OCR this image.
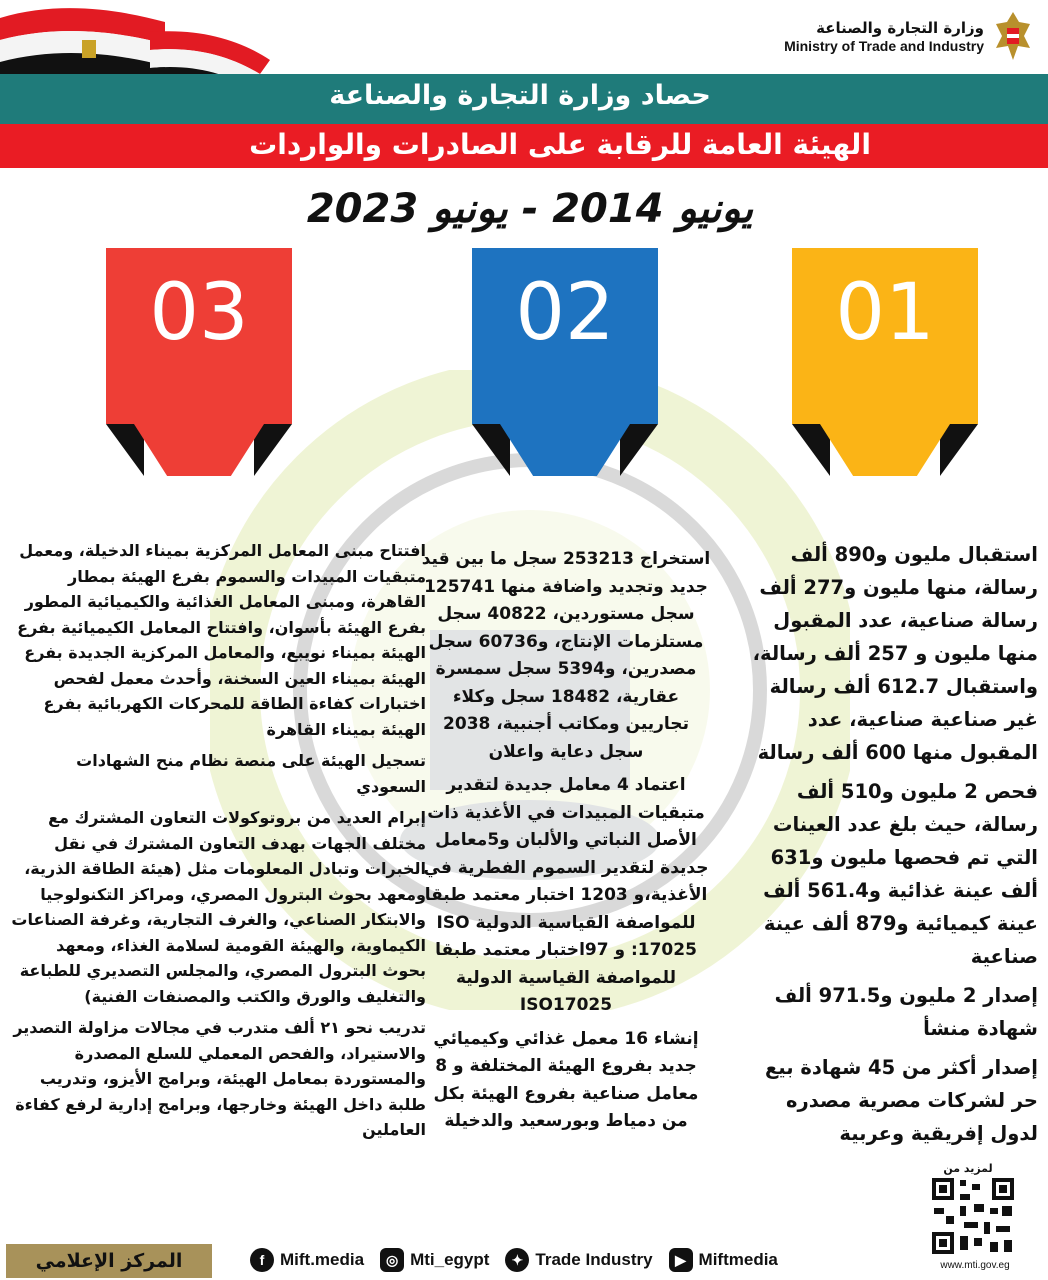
وزارة التجارة والصناعة
Ministry of Trade and Industry
حصاد وزارة التجارة والصناعة
الهيئة العامة للرقابة على الصادرات والواردات
يونيو 2014 - يونيو 2023
01
02
03

استقبال مليون و890 ألف رسالة، منها مليون و277 ألف رسالة صناعية، عدد المقبول منها مليون و 257 ألف رسالة، واستقبال 612.7 ألف رسالة غير صناعية صناعية، عدد المقبول منها 600 ألف رسالة

فحص 2 مليون و510 ألف رسالة، حيث بلغ عدد العينات التي تم فحصها مليون و631 ألف عينة غذائية و561.4 ألف عينة كيميائية و879 ألف عينة صناعية

إصدار 2 مليون و971.5 ألف شهادة منشأ

إصدار أكثر من 45 شهادة بيع حر لشركات مصرية مصدره لدول إفريقية وعربية

استخراج 253213 سجل ما بين قيد جديد وتجديد واضافة منها 125741 سجل مستوردين، 40822 سجل مستلزمات الإنتاج، و60736 سجل مصدرين، و5394 سجل سمسرة عقارية، 18482 سجل وكلاء تجاريين ومكاتب أجنبية، 2038 سجل دعاية واعلان

اعتماد 4 معامل جديدة لتقدير متبقيات المبيدات في الأغذية ذات الأصل النباتي والألبان و5معامل جديدة لتقدير السموم الفطرية في الأغذية،و 1203 اختبار معتمد طبقا للمواصفة القياسية الدولية ISO 17025: و 97اختبار معتمد طبقا للمواصفة القياسية الدولية ISO17025

إنشاء 16 معمل غذائي وكيميائي جديد بفروع الهيئة المختلفة و 8 معامل صناعية بفروع الهيئة بكل من دمياط وبورسعيد والدخيلة

افتتاح مبنى المعامل المركزية بميناء الدخيلة، ومعمل متبقيات المبيدات والسموم بفرع الهيئة بمطار القاهرة، ومبنى المعامل الغذائية والكيميائية المطور بفرع الهيئة بأسوان، وافتتاح المعامل الكيميائية بفرع الهيئة بميناء نويبع، والمعامل المركزية الجديدة بفرع الهيئة بميناء العين السخنة، وأحدث معمل لفحص اختبارات كفاءة الطاقة للمحركات الكهربائية بفرع الهيئة بميناء القاهرة

تسجيل الهيئة على منصة نظام منح الشهادات السعودي

إبرام العديد من بروتوكولات التعاون المشترك مع مختلف الجهات بهدف التعاون المشترك في نقل الخبرات وتبادل المعلومات مثل (هيئة الطاقة الذرية، ومعهد بحوث البترول المصري، ومراكز التكنولوجيا والابتكار الصناعي، والغرف التجارية، وغرفة الصناعات الكيماوية، والهيئة القومية لسلامة الغذاء، ومعهد بحوث البترول المصري، والمجلس التصديري للطباعة والتغليف والورق والكتب والمصنفات الفنية)

تدريب نحو ٢١ ألف متدرب في مجالات مزاولة التصدير والاستيراد، والفحص المعملي للسلع المصدرة والمستوردة بمعامل الهيئة، وبرامج الأيزو، وتدريب طلبة داخل الهيئة وخارجها، وبرامج إدارية لرفع كفاءة العاملين

المركز الإعلامي	f Mift.media	◎ Mti_egypt	✦ Trade Industry	▶ Miftmedia
لمزيد من
www.mti.gov.eg
